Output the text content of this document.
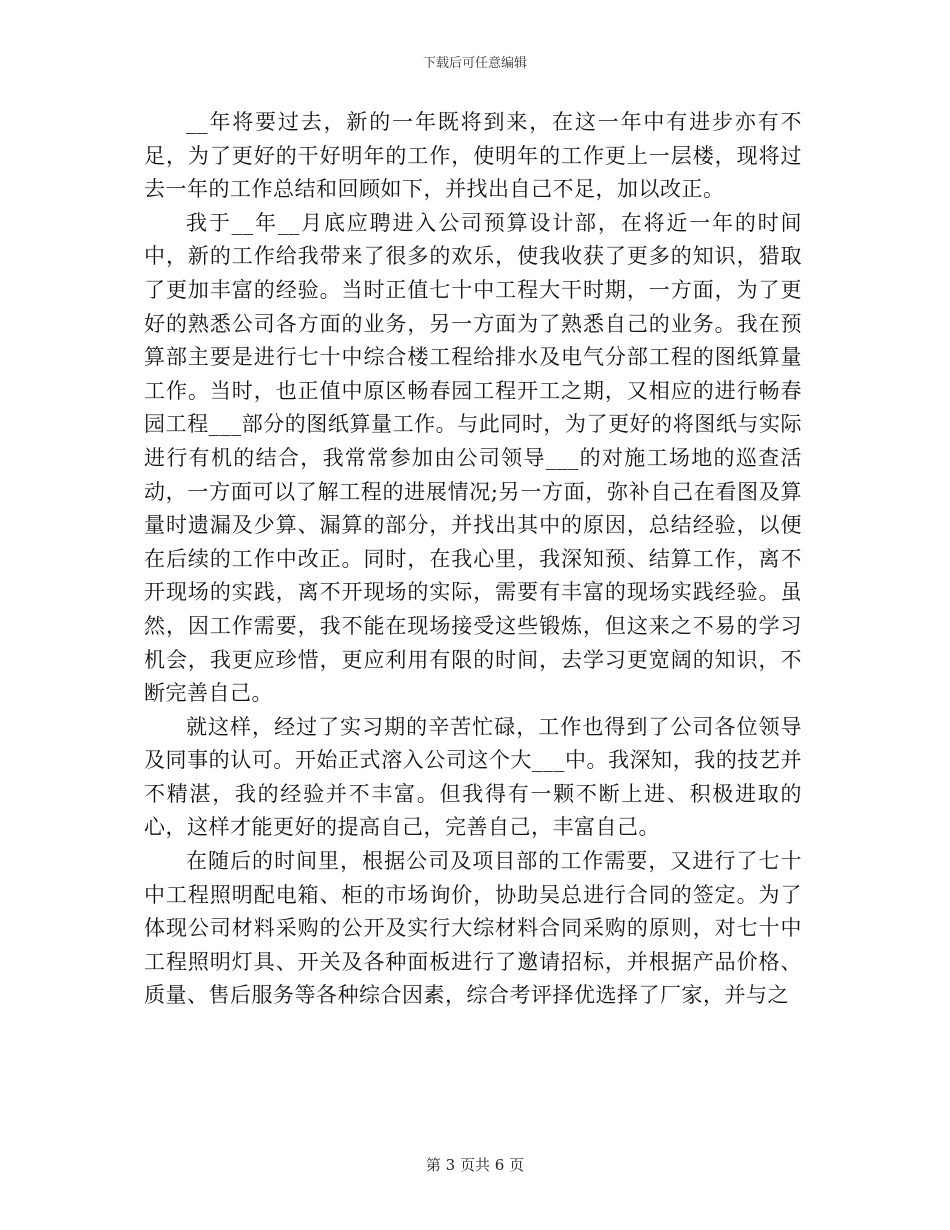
下载后可任意编辑

__年将要过去，新的一年既将到来，在这一年中有进步亦有不足，为了更好的干好明年的工作，使明年的工作更上一层楼，现将过去一年的工作总结和回顾如下，并找出自己不足，加以改正。

我于__年__月底应聘进入公司预算设计部，在将近一年的时间中，新的工作给我带来了很多的欢乐，使我收获了更多的知识，猎取了更加丰富的经验。当时正值七十中工程大干时期，一方面，为了更好的熟悉公司各方面的业务，另一方面为了熟悉自己的业务。我在预算部主要是进行七十中综合楼工程给排水及电气分部工程的图纸算量工作。当时，也正值中原区畅春园工程开工之期，又相应的进行畅春园工程___部分的图纸算量工作。与此同时，为了更好的将图纸与实际进行有机的结合，我常常参加由公司领导___的对施工场地的巡查活动，一方面可以了解工程的进展情况;另一方面，弥补自己在看图及算量时遗漏及少算、漏算的部分，并找出其中的原因，总结经验，以便在后续的工作中改正。同时，在我心里，我深知预、结算工作，离不开现场的实践，离不开现场的实际，需要有丰富的现场实践经验。虽然，因工作需要，我不能在现场接受这些锻炼，但这来之不易的学习机会，我更应珍惜，更应利用有限的时间，去学习更宽阔的知识，不断完善自己。

就这样，经过了实习期的辛苦忙碌，工作也得到了公司各位领导及同事的认可。开始正式溶入公司这个大___中。我深知，我的技艺并不精湛，我的经验并不丰富。但我得有一颗不断上进、积极进取的心，这样才能更好的提高自己，完善自己，丰富自己。

在随后的时间里，根据公司及项目部的工作需要，又进行了七十中工程照明配电箱、柜的市场询价，协助吴总进行合同的签定。为了体现公司材料采购的公开及实行大综材料合同采购的原则，对七十中工程照明灯具、开关及各种面板进行了邀请招标，并根据产品价格、质量、售后服务等各种综合因素，综合考评择优选择了厂家，并与之

第 3 页共 6 页
